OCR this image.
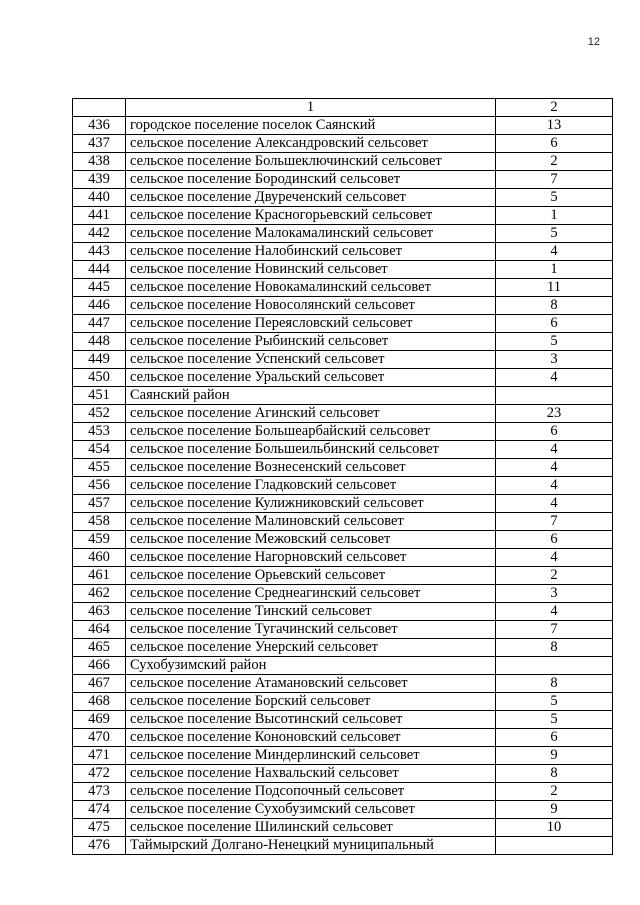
12
	1	2
436	городское поселение поселок Саянский	13
437	сельское поселение Александровский сельсовет	6
438	сельское поселение Большеключинский сельсовет	2
439	сельское поселение Бородинский сельсовет	7
440	сельское поселение Двуреченский сельсовет	5
441	сельское поселение Красногорьевский сельсовет	1
442	сельское поселение Малокамалинский сельсовет	5
443	сельское поселение Налобинский сельсовет	4
444	сельское поселение Новинский сельсовет	1
445	сельское поселение Новокамалинский сельсовет	11
446	сельское поселение Новосолянский сельсовет	8
447	сельское поселение Переясловский сельсовет	6
448	сельское поселение Рыбинский сельсовет	5
449	сельское поселение Успенский сельсовет	3
450	сельское поселение Уральский сельсовет	4
451	Саянский район	
452	сельское поселение Агинский сельсовет	23
453	сельское поселение Большеарбайский сельсовет	6
454	сельское поселение Большеильбинский сельсовет	4
455	сельское поселение Вознесенский сельсовет	4
456	сельское поселение Гладковский сельсовет	4
457	сельское поселение Кулижниковский сельсовет	4
458	сельское поселение Малиновский сельсовет	7
459	сельское поселение Межовский сельсовет	6
460	сельское поселение Нагорновский сельсовет	4
461	сельское поселение Орьевский сельсовет	2
462	сельское поселение Среднеагинский сельсовет	3
463	сельское поселение Тинский сельсовет	4
464	сельское поселение Тугачинский сельсовет	7
465	сельское поселение Унерский сельсовет	8
466	Сухобузимский район	
467	сельское поселение Атамановский сельсовет	8
468	сельское поселение Борский сельсовет	5
469	сельское поселение Высотинский сельсовет	5
470	сельское поселение Кононовский сельсовет	6
471	сельское поселение Миндерлинский сельсовет	9
472	сельское поселение Нахвальский сельсовет	8
473	сельское поселение Подсопочный сельсовет	2
474	сельское поселение Сухобузимский сельсовет	9
475	сельское поселение Шилинский сельсовет	10
476	Таймырский Долгано-Ненецкий муниципальный	
